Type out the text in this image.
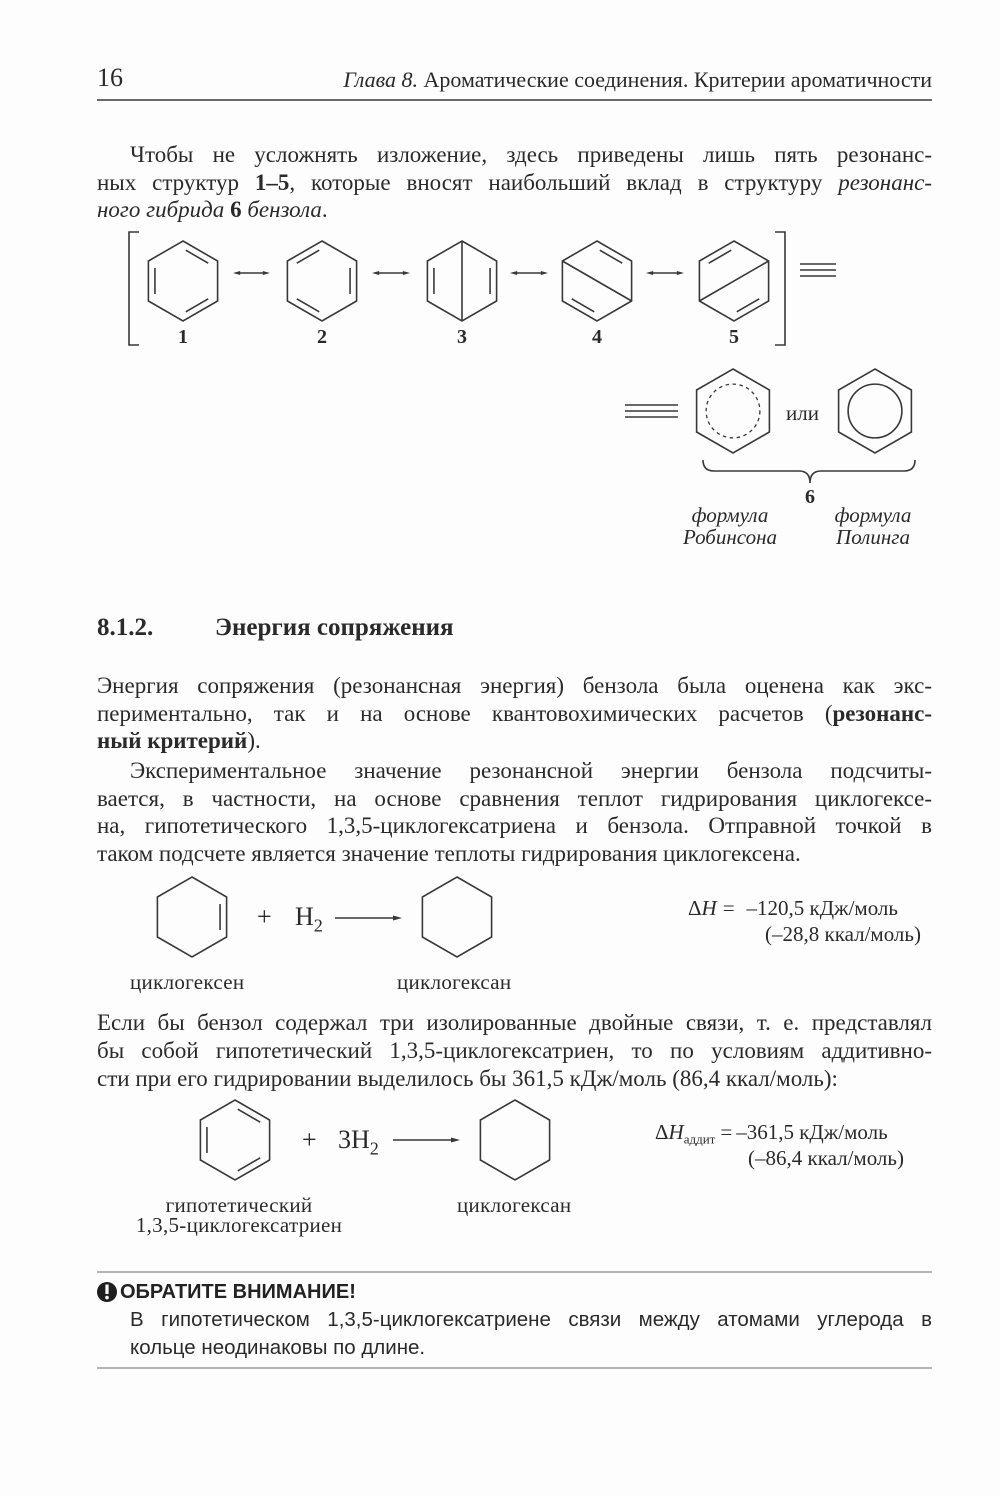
16	Глава 8. Ароматические соединения. Критерии ароматичности
Чтобы не усложнять изложение, здесь приведены лишь пять резонанс-
ных структур 1–5, которые вносят наибольший вклад в структуру резонанс-
ного гибрида 6 бензола.
1	2	3	4	5
или
6
формула
Робинсона
формула
Полинга
8.1.2. Энергия сопряжения
Энергия сопряжения (резонансная энергия) бензола была оценена как экс-
периментально, так и на основе квантовохимических расчетов (резонанс-
ный критерий).
Экспериментальное значение резонансной энергии бензола подсчиты-
вается, в частности, на основе сравнения теплот гидрирования циклогексе-
на, гипотетического 1,3,5-циклогексатриена и бензола. Отправной точкой в
таком подсчете является значение теплоты гидрирования циклогексена.
+ $H_2$
ΔH = –120,5 кДж/моль
(–28,8 ккал/моль)
циклогексен	циклогексан
Если бы бензол содержал три изолированные двойные связи, т. е. представлял
бы собой гипотетический 1,3,5-циклогексатриен, то по условиям аддитивно-
сти при его гидрировании выделилось бы 361,5 кДж/моль (86,4 ккал/моль):
+ $3H_2$
$\Delta H_{аддит} = -361,5$ кДж/моль
(–86,4 ккал/моль)
гипотетический
1,3,5-циклогексатриен
циклогексан
ОБРАТИТЕ ВНИМАНИЕ!
В гипотетическом 1,3,5-циклогексатриене связи между атомами углерода в
кольце неодинаковы по длине.
